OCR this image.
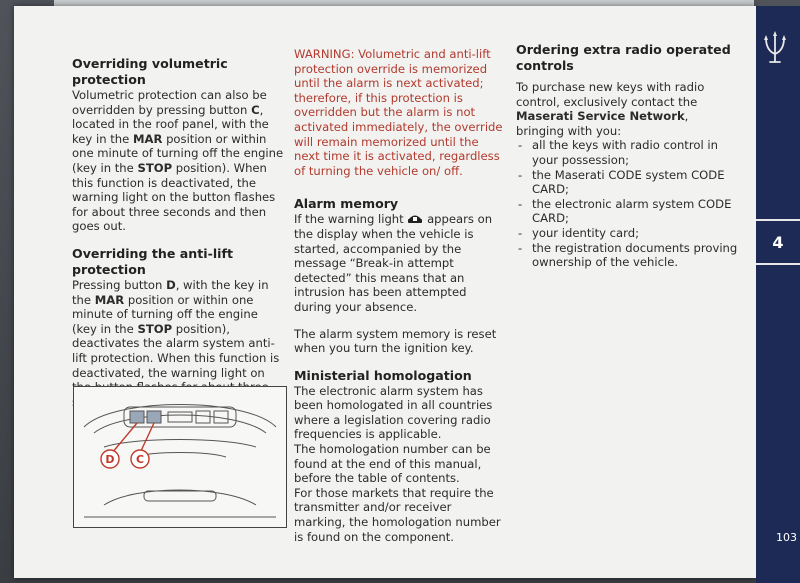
4
103
Overriding volumetric protection

Volumetric protection can also be overridden by pressing button C, located in the roof panel, with the key in the MAR position or within one minute of turning off the engine (key in the STOP position). When this function is deactivated, the warning light on the button flashes for about three seconds and then goes out.

Overriding the anti-lift protection

Pressing button D, with the key in the MAR position or within one minute of turning off the engine (key in the STOP position), deactivates the alarm system anti-lift protection. When this function is deactivated, the warning light on

D C

WARNING: Volumetric and anti-lift protection override is memorized until the alarm is next activated; therefore, if this protection is overridden but the alarm is not activated immediately, the override will remain memorized until the next time it is activated, regardless of turning the vehicle on/ off.

Alarm memory

If the warning light  appears on the display when the vehicle is started, accompanied by the message “Break-in attempt detected” this means that an intrusion has been attempted during your absence.

The alarm system memory is reset when you turn the ignition key.

Ministerial homologation

The electronic alarm system has been homologated in all countries where a legislation covering radio frequencies is applicable.

The homologation number can be found at the end of this manual, before the table of contents.

For those markets that require the transmitter and/or receiver marking, the homologation number is found on the component.

Ordering extra radio operated controls

To purchase new keys with radio control, exclusively contact the Maserati Service Network, bringing with you:

- all the keys with radio control in your possession;
- the Maserati CODE system CODE CARD;
- the electronic alarm system CODE CARD;
- your identity card;
- the registration documents proving ownership of the vehicle.
